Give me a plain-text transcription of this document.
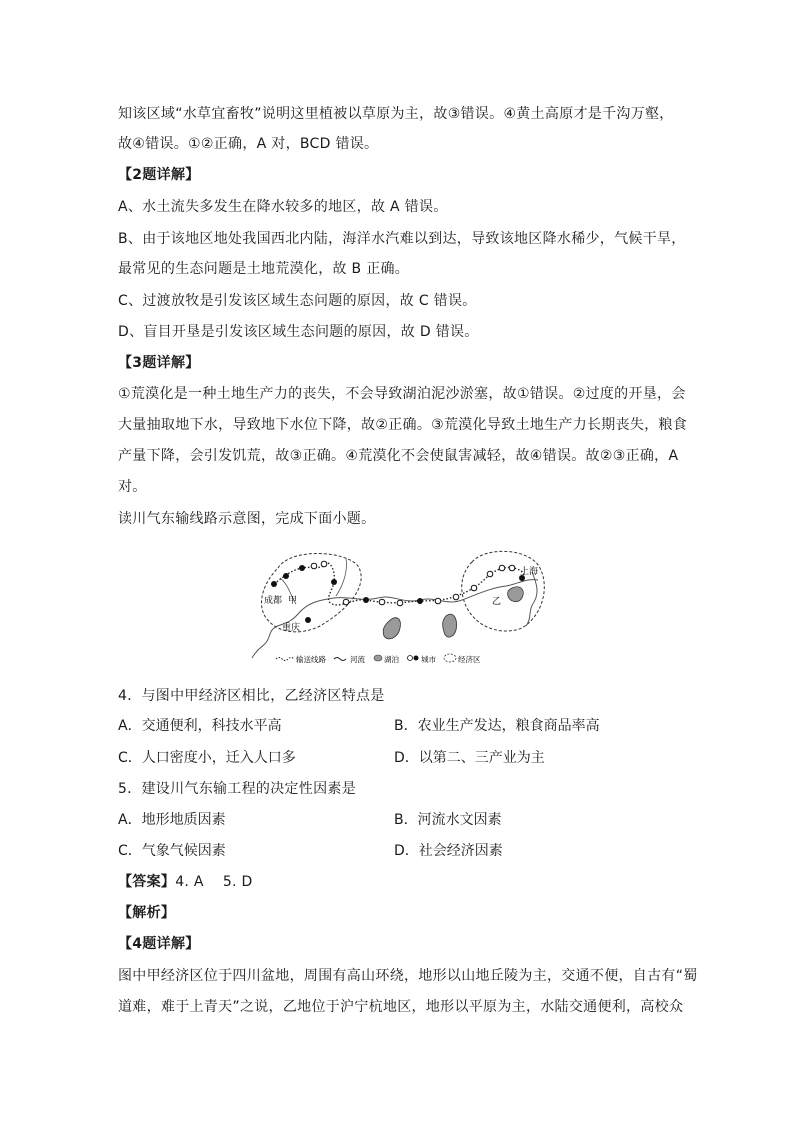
知该区域“水草宜畜牧”说明这里植被以草原为主，故③错误。④黄土高原才是千沟万壑，
故④错误。①②正确，A 对，BCD 错误。
【2题详解】
A、水土流失多发生在降水较多的地区，故 A 错误。
B、由于该地区地处我国西北内陆，海洋水汽难以到达，导致该地区降水稀少，气候干旱，
最常见的生态问题是土地荒漠化，故 B 正确。
C、过渡放牧是引发该区域生态问题的原因，故 C 错误。
D、盲目开垦是引发该区域生态问题的原因，故 D 错误。
【3题详解】
①荒漠化是一种土地生产力的丧失，不会导致湖泊泥沙淤塞，故①错误。②过度的开垦，会
大量抽取地下水，导致地下水位下降，故②正确。③荒漠化导致土地生产力长期丧失，粮食
产量下降，会引发饥荒，故③正确。④荒漠化不会使鼠害减轻，故④错误。故②③正确，A
对。
读川气东输线路示意图，完成下面小题。
成都 甲
重庆
上海
乙
输送线路	河流	湖泊	城市	经济区
4．与图中甲经济区相比，乙经济区特点是
A．交通便利，科技水平高	B．农业生产发达，粮食商品率高
C．人口密度小，迁入人口多	D．以第二、三产业为主
5．建设川气东输工程的决定性因素是
A．地形地质因素	B．河流水文因素
C．气象气候因素	D．社会经济因素
【答案】4. A　 5. D
【解析】
【4题详解】
图中甲经济区位于四川盆地，周围有高山环绕，地形以山地丘陵为主，交通不便，自古有“蜀
道难，难于上青天”之说，乙地位于沪宁杭地区，地形以平原为主，水陆交通便利，高校众
